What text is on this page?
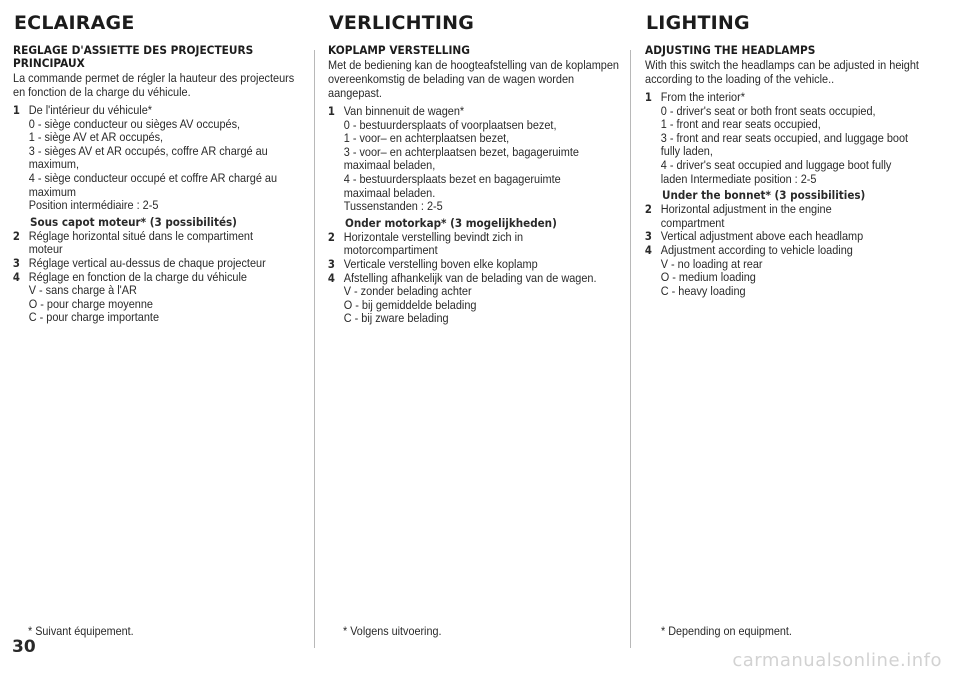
ECLAIRAGE
REGLAGE D'ASSIETTE DES PROJECTEURS PRINCIPAUX
La commande permet de régler la hauteur des projecteurs en fonction de la charge du véhicule.
1 De l'intérieur du véhicule*
0 - siège conducteur ou sièges AV occupés,
1 - siège AV et AR occupés,
3 - sièges AV et AR occupés, coffre AR chargé au
maximum,
4 - siège conducteur occupé et coffre AR chargé au
maximum
Position intermédiaire : 2-5
Sous capot moteur* (3 possibilités)
2 Réglage horizontal situé dans le compartiment
moteur
3 Réglage vertical au-dessus de chaque projecteur
4 Réglage en fonction de la charge du véhicule
V - sans charge à l'AR
O - pour charge moyenne
C - pour charge importante
* Suivant équipement.
VERLICHTING
KOPLAMP VERSTELLING
Met de bediening kan de hoogteafstelling van de koplampen overeenkomstig de belading van de wagen worden aangepast.
1 Van binnenuit de wagen*
0 - bestuurdersplaats of voorplaatsen bezet,
1 - voor– en achterplaatsen bezet,
3 - voor– en achterplaatsen bezet, bagageruimte
maximaal beladen,
4 - bestuurdersplaats bezet en bagageruimte
maximaal beladen.
Tussenstanden : 2-5
Onder motorkap* (3 mogelijkheden)
2 Horizontale verstelling bevindt zich in
motorcompartiment
3 Verticale verstelling boven elke koplamp
4 Afstelling afhankelijk van de belading van de wagen.
V - zonder belading achter
O - bij gemiddelde belading
C - bij zware belading
* Volgens uitvoering.
LIGHTING
ADJUSTING THE HEADLAMPS
With this switch the headlamps can be adjusted in height according to the loading of the vehicle..
1 From the interior*
0 - driver's seat or both front seats occupied,
1 - front and rear seats occupied,
3 - front and rear seats occupied, and luggage boot
fully laden,
4 - driver's seat occupied and luggage boot fully
laden Intermediate position : 2-5
Under the bonnet* (3 possibilities)
2 Horizontal adjustment in the engine
compartment
3 Vertical adjustment above each headlamp
4 Adjustment according to vehicle loading
V - no loading at rear
O - medium loading
C - heavy loading
* Depending on equipment.
30
carmanualsonline.info
